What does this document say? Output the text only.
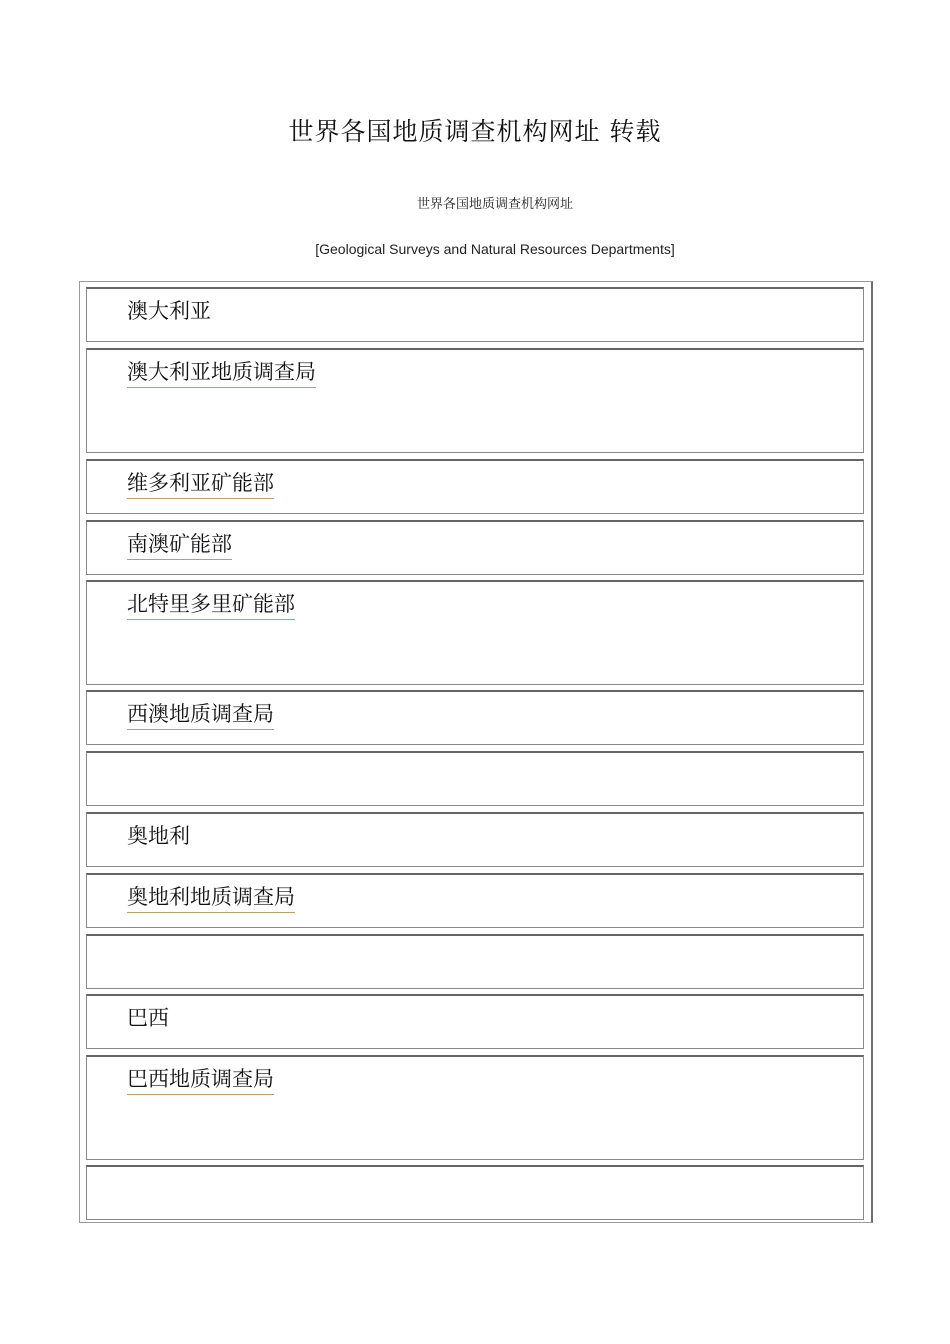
世界各国地质调查机构网址 转载
世界各国地质调查机构网址
[Geological Surveys and Natural Resources Departments]
澳大利亚
澳大利亚地质调查局
维多利亚矿能部
南澳矿能部
北特里多里矿能部
西澳地质调查局
奥地利
奥地利地质调查局
巴西
巴西地质调查局
